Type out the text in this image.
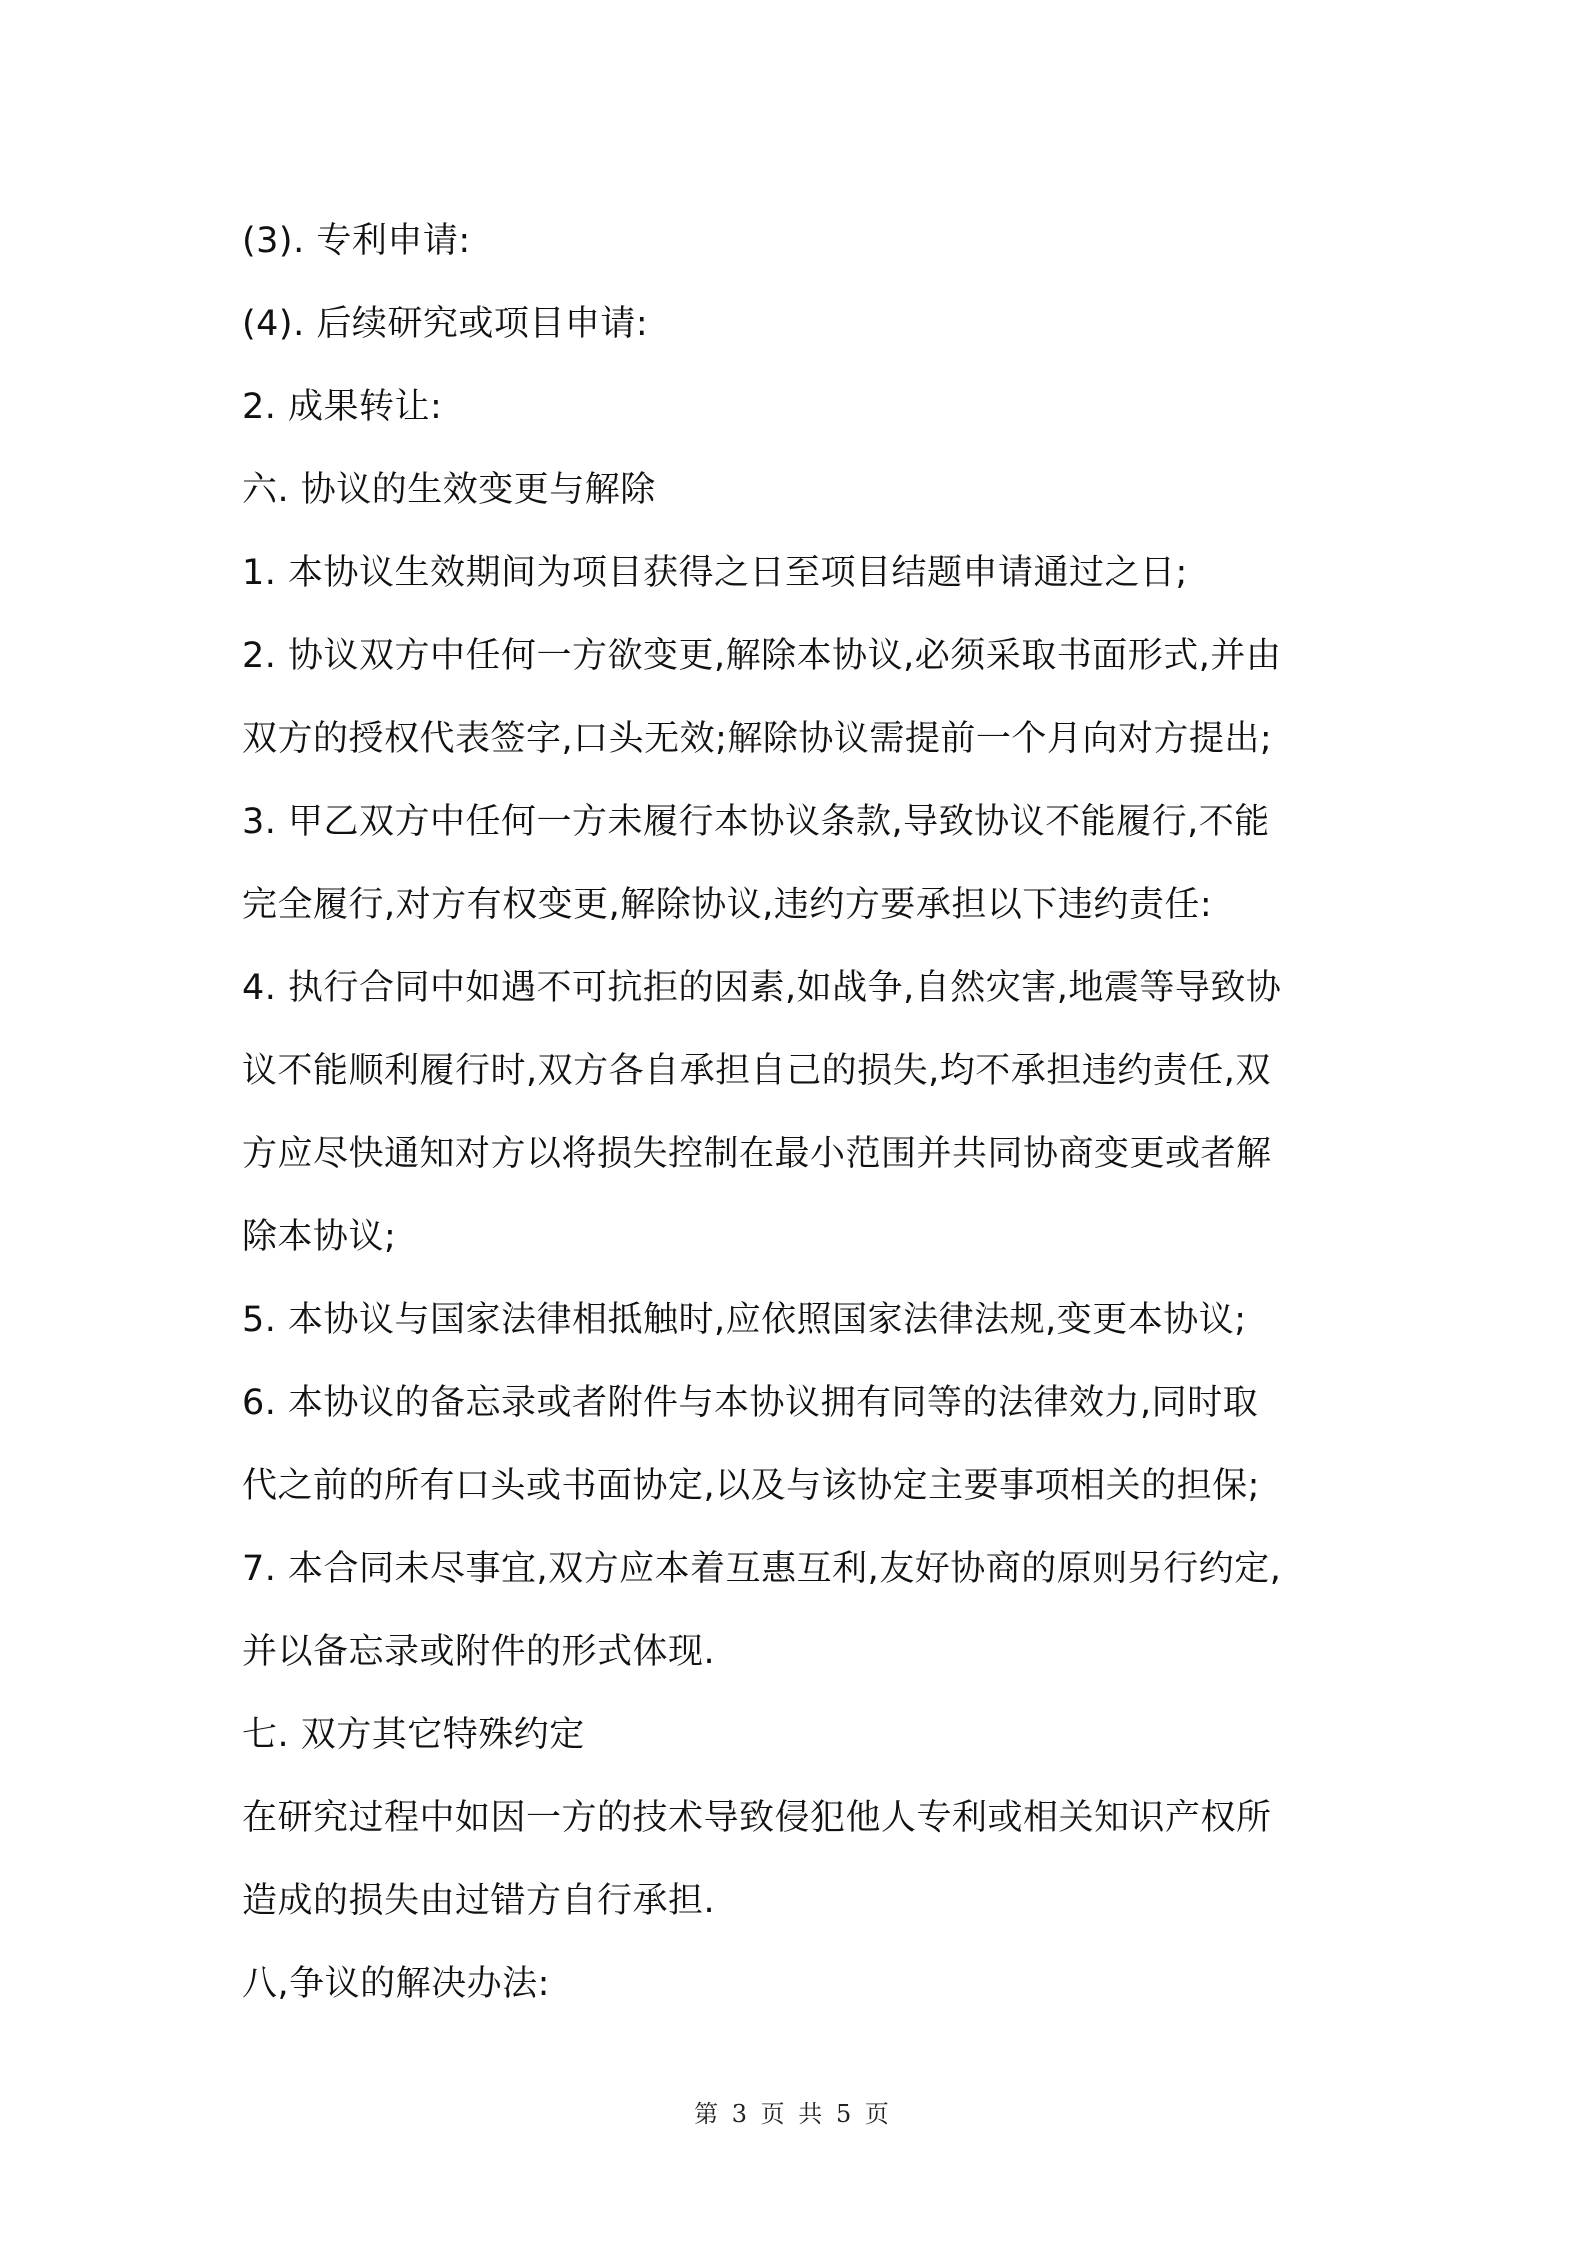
(3). 专利申请:
(4). 后续研究或项目申请:
2. 成果转让:
六. 协议的生效变更与解除
1. 本协议生效期间为项目获得之日至项目结题申请通过之日;
2. 协议双方中任何一方欲变更,解除本协议,必须采取书面形式,并由
双方的授权代表签字,口头无效;解除协议需提前一个月向对方提出;
3. 甲乙双方中任何一方未履行本协议条款,导致协议不能履行,不能
完全履行,对方有权变更,解除协议,违约方要承担以下违约责任:
4. 执行合同中如遇不可抗拒的因素,如战争,自然灾害,地震等导致协
议不能顺利履行时,双方各自承担自己的损失,均不承担违约责任,双
方应尽快通知对方以将损失控制在最小范围并共同协商变更或者解
除本协议;
5. 本协议与国家法律相抵触时,应依照国家法律法规,变更本协议;
6. 本协议的备忘录或者附件与本协议拥有同等的法律效力,同时取
代之前的所有口头或书面协定,以及与该协定主要事项相关的担保;
7. 本合同未尽事宜,双方应本着互惠互利,友好协商的原则另行约定,
并以备忘录或附件的形式体现.
七. 双方其它特殊约定
在研究过程中如因一方的技术导致侵犯他人专利或相关知识产权所
造成的损失由过错方自行承担.
八,争议的解决办法:
第 3 页 共 5 页
